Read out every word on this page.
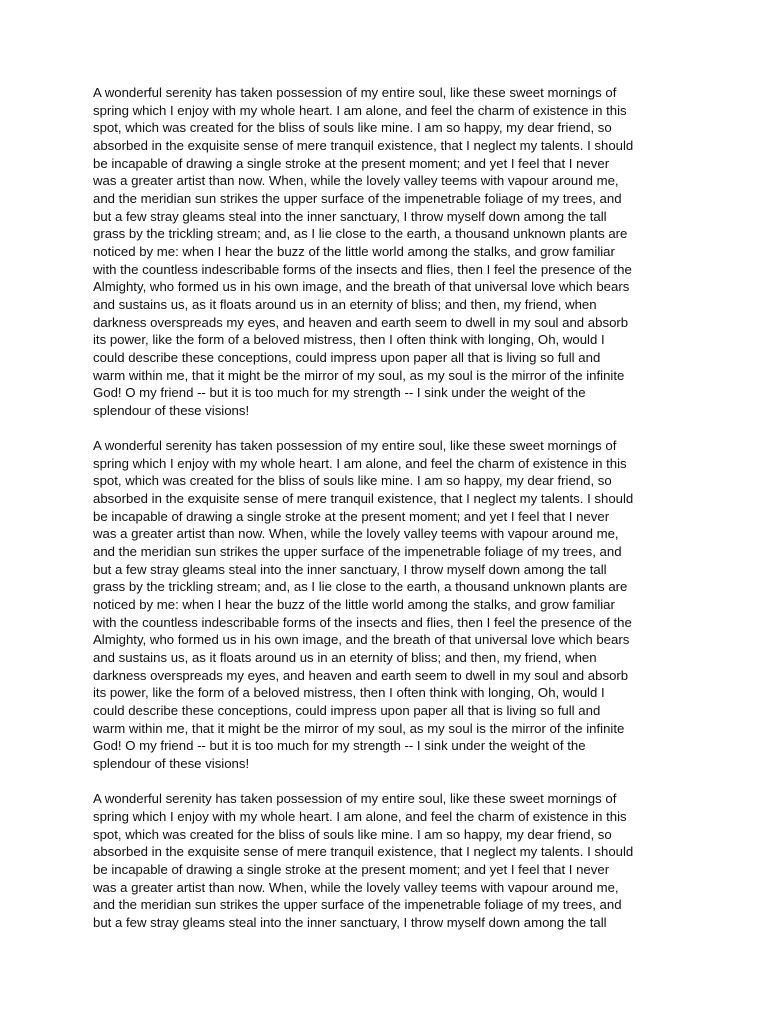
A wonderful serenity has taken possession of my entire soul, like these sweet mornings of
spring which I enjoy with my whole heart. I am alone, and feel the charm of existence in this
spot, which was created for the bliss of souls like mine. I am so happy, my dear friend, so
absorbed in the exquisite sense of mere tranquil existence, that I neglect my talents. I should
be incapable of drawing a single stroke at the present moment; and yet I feel that I never
was a greater artist than now. When, while the lovely valley teems with vapour around me,
and the meridian sun strikes the upper surface of the impenetrable foliage of my trees, and
but a few stray gleams steal into the inner sanctuary, I throw myself down among the tall
grass by the trickling stream; and, as I lie close to the earth, a thousand unknown plants are
noticed by me: when I hear the buzz of the little world among the stalks, and grow familiar
with the countless indescribable forms of the insects and flies, then I feel the presence of the
Almighty, who formed us in his own image, and the breath of that universal love which bears
and sustains us, as it floats around us in an eternity of bliss; and then, my friend, when
darkness overspreads my eyes, and heaven and earth seem to dwell in my soul and absorb
its power, like the form of a beloved mistress, then I often think with longing, Oh, would I
could describe these conceptions, could impress upon paper all that is living so full and
warm within me, that it might be the mirror of my soul, as my soul is the mirror of the infinite
God! O my friend -- but it is too much for my strength -- I sink under the weight of the
splendour of these visions!

A wonderful serenity has taken possession of my entire soul, like these sweet mornings of
spring which I enjoy with my whole heart. I am alone, and feel the charm of existence in this
spot, which was created for the bliss of souls like mine. I am so happy, my dear friend, so
absorbed in the exquisite sense of mere tranquil existence, that I neglect my talents. I should
be incapable of drawing a single stroke at the present moment; and yet I feel that I never
was a greater artist than now. When, while the lovely valley teems with vapour around me,
and the meridian sun strikes the upper surface of the impenetrable foliage of my trees, and
but a few stray gleams steal into the inner sanctuary, I throw myself down among the tall
grass by the trickling stream; and, as I lie close to the earth, a thousand unknown plants are
noticed by me: when I hear the buzz of the little world among the stalks, and grow familiar
with the countless indescribable forms of the insects and flies, then I feel the presence of the
Almighty, who formed us in his own image, and the breath of that universal love which bears
and sustains us, as it floats around us in an eternity of bliss; and then, my friend, when
darkness overspreads my eyes, and heaven and earth seem to dwell in my soul and absorb
its power, like the form of a beloved mistress, then I often think with longing, Oh, would I
could describe these conceptions, could impress upon paper all that is living so full and
warm within me, that it might be the mirror of my soul, as my soul is the mirror of the infinite
God! O my friend -- but it is too much for my strength -- I sink under the weight of the
splendour of these visions!

A wonderful serenity has taken possession of my entire soul, like these sweet mornings of
spring which I enjoy with my whole heart. I am alone, and feel the charm of existence in this
spot, which was created for the bliss of souls like mine. I am so happy, my dear friend, so
absorbed in the exquisite sense of mere tranquil existence, that I neglect my talents. I should
be incapable of drawing a single stroke at the present moment; and yet I feel that I never
was a greater artist than now. When, while the lovely valley teems with vapour around me,
and the meridian sun strikes the upper surface of the impenetrable foliage of my trees, and
but a few stray gleams steal into the inner sanctuary, I throw myself down among the tall
